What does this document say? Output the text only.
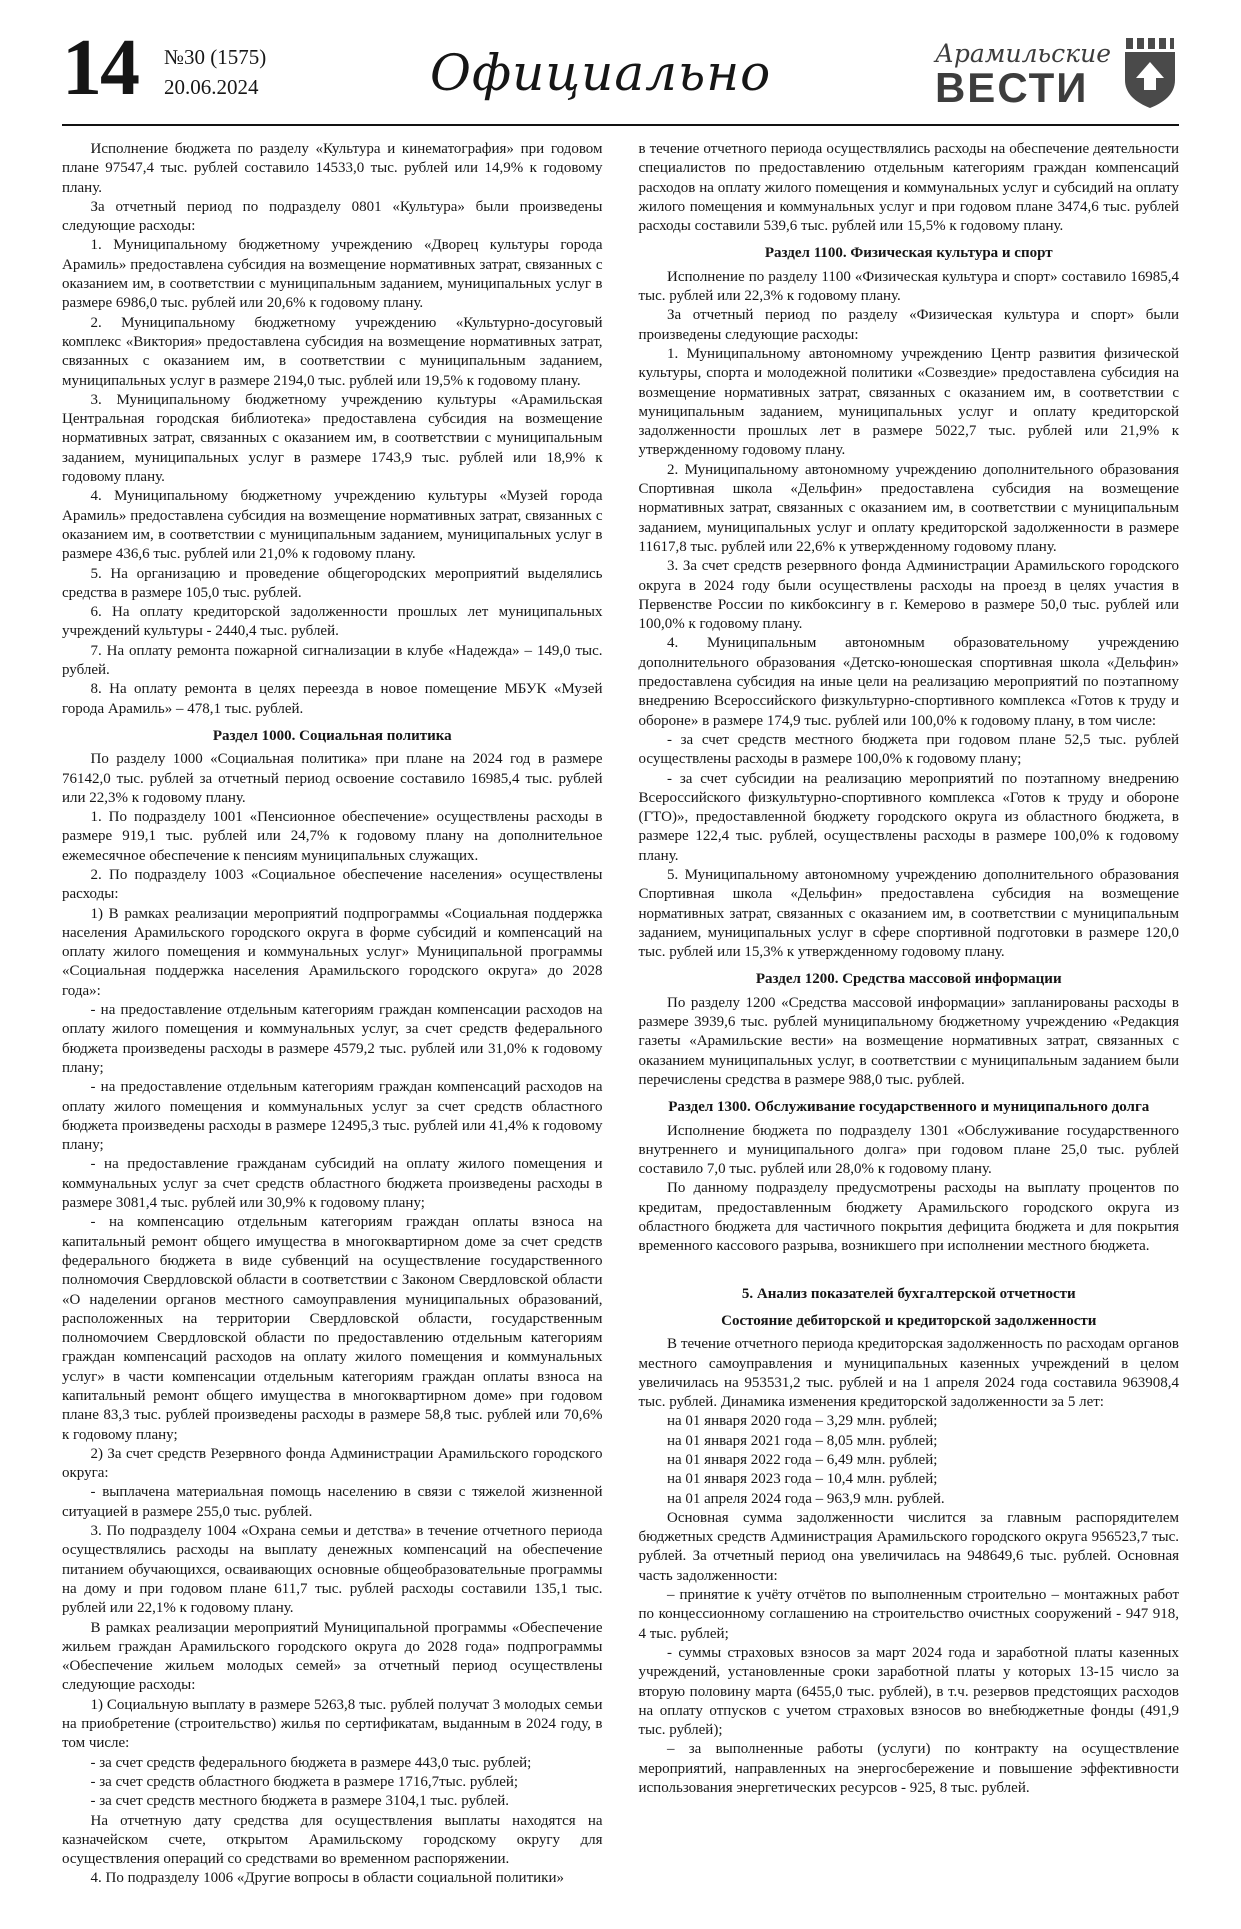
14 №30 (1575)
20.06.2024	Официально	Арамильские
ВЕСТИ

Исполнение бюджета по разделу «Культура и кинематография» при годовом плане 97547,4 тыс. рублей составило 14533,0 тыс. рублей или 14,9% к годовому плану.

За отчетный период по подразделу 0801 «Культура» были произведены следующие расходы:

1. Муниципальному бюджетному учреждению «Дворец культуры города Арамиль» предоставлена субсидия на возмещение нормативных затрат, связанных с оказанием им, в соответствии с муниципальным заданием, муниципальных услуг в размере 6986,0 тыс. рублей или 20,6% к годовому плану.

2. Муниципальному бюджетному учреждению «Культурно-досуговый комплекс «Виктория» предоставлена субсидия на возмещение нормативных затрат, связанных с оказанием им, в соответствии с муниципальным заданием, муниципальных услуг в размере 2194,0 тыс. рублей или 19,5% к годовому плану.

3. Муниципальному бюджетному учреждению культуры «Арамильская Центральная городская библиотека» предоставлена субсидия на возмещение нормативных затрат, связанных с оказанием им, в соответствии с муниципальным заданием, муниципальных услуг в размере 1743,9 тыс. рублей или 18,9% к годовому плану.

4. Муниципальному бюджетному учреждению культуры «Музей города Арамиль» предоставлена субсидия на возмещение нормативных затрат, связанных с оказанием им, в соответствии с муниципальным заданием, муниципальных услуг в размере 436,6 тыс. рублей или 21,0% к годовому плану.

5. На организацию и проведение общегородских мероприятий выделялись средства в размере 105,0 тыс. рублей.

6. На оплату кредиторской задолженности прошлых лет муниципальных учреждений культуры - 2440,4 тыс. рублей.

7. На оплату ремонта пожарной сигнализации в клубе «Надежда» – 149,0 тыс. рублей.

8. На оплату ремонта в целях переезда в новое помещение МБУК «Музей города Арамиль» – 478,1 тыс. рублей.

Раздел 1000. Социальная политика

По разделу 1000 «Социальная политика» при плане на 2024 год в размере 76142,0 тыс. рублей за отчетный период освоение составило 16985,4 тыс. рублей или 22,3% к годовому плану.

1. По подразделу 1001 «Пенсионное обеспечение» осуществлены расходы в размере 919,1 тыс. рублей или 24,7% к годовому плану на дополнительное ежемесячное обеспечение к пенсиям муниципальных служащих.

2. По подразделу 1003 «Социальное обеспечение населения» осуществлены расходы:

1) В рамках реализации мероприятий подпрограммы «Социальная поддержка населения Арамильского городского округа в форме субсидий и компенсаций на оплату жилого помещения и коммунальных услуг» Муниципальной программы «Социальная поддержка населения Арамильского городского округа» до 2028 года»:

- на предоставление отдельным категориям граждан компенсации расходов на оплату жилого помещения и коммунальных услуг, за счет средств федерального бюджета произведены расходы в размере 4579,2 тыс. рублей или 31,0% к годовому плану;

- на предоставление отдельным категориям граждан компенсаций расходов на оплату жилого помещения и коммунальных услуг за счет средств областного бюджета произведены расходы в размере 12495,3 тыс. рублей или 41,4% к годовому плану;

- на предоставление гражданам субсидий на оплату жилого помещения и коммунальных услуг за счет средств областного бюджета произведены расходы в размере 3081,4 тыс. рублей или 30,9% к годовому плану;

- на компенсацию отдельным категориям граждан оплаты взноса на капитальный ремонт общего имущества в многоквартирном доме за счет средств федерального бюджета в виде субвенций на осуществление государственного полномочия Свердловской области в соответствии с Законом Свердловской области «О наделении органов местного самоуправления муниципальных образований, расположенных на территории Свердловской области, государственным полномочием Свердловской области по предоставлению отдельным категориям граждан компенсаций расходов на оплату жилого помещения и коммунальных услуг» в части компенсации отдельным категориям граждан оплаты взноса на капитальный ремонт общего имущества в многоквартирном доме» при годовом плане 83,3 тыс. рублей произведены расходы в размере 58,8 тыс. рублей или 70,6% к годовому плану;

2) За счет средств Резервного фонда Администрации Арамильского городского округа:

- выплачена материальная помощь населению в связи с тяжелой жизненной ситуацией в размере 255,0 тыс. рублей.

3. По подразделу 1004 «Охрана семьи и детства» в течение отчетного периода осуществлялись расходы на выплату денежных компенсаций на обеспечение питанием обучающихся, осваивающих основные общеобразовательные программы на дому и при годовом плане 611,7 тыс. рублей расходы составили 135,1 тыс. рублей или 22,1% к годовому плану.

В рамках реализации мероприятий Муниципальной программы «Обеспечение жильем граждан Арамильского городского округа до 2028 года» подпрограммы «Обеспечение жильем молодых семей» за отчетный период осуществлены следующие расходы:

1) Социальную выплату в размере 5263,8 тыс. рублей получат 3 молодых семьи на приобретение (строительство) жилья по сертификатам, выданным в 2024 году, в том числе:

- за счет средств федерального бюджета в размере 443,0 тыс. рублей;

- за счет средств областного бюджета в размере 1716,7тыс. рублей;

- за счет средств местного бюджета в размере 3104,1 тыс. рублей.

На отчетную дату средства для осуществления выплаты находятся на казначейском счете, открытом Арамильскому городскому округу для осуществления операций со средствами во временном распоряжении.

4. По подразделу 1006 «Другие вопросы в области социальной политики»

в течение отчетного периода осуществлялись расходы на обеспечение деятельности специалистов по предоставлению отдельным категориям граждан компенсаций расходов на оплату жилого помещения и коммунальных услуг и субсидий на оплату жилого помещения и коммунальных услуг и при годовом плане 3474,6 тыс. рублей расходы составили 539,6 тыс. рублей или 15,5% к годовому плану.

Раздел 1100. Физическая культура и спорт

Исполнение по разделу 1100 «Физическая культура и спорт» составило 16985,4 тыс. рублей или 22,3% к годовому плану.

За отчетный период по разделу «Физическая культура и спорт» были произведены следующие расходы:

1. Муниципальному автономному учреждению Центр развития физической культуры, спорта и молодежной политики «Созвездие» предоставлена субсидия на возмещение нормативных затрат, связанных с оказанием им, в соответствии с муниципальным заданием, муниципальных услуг и оплату кредиторской задолженности прошлых лет в размере 5022,7 тыс. рублей или 21,9% к утвержденному годовому плану.

2. Муниципальному автономному учреждению дополнительного образования Спортивная школа «Дельфин» предоставлена субсидия на возмещение нормативных затрат, связанных с оказанием им, в соответствии с муниципальным заданием, муниципальных услуг и оплату кредиторской задолженности в размере 11617,8 тыс. рублей или 22,6% к утвержденному годовому плану.

3. За счет средств резервного фонда Администрации Арамильского городского округа в 2024 году были осуществлены расходы на проезд в целях участия в Первенстве России по кикбоксингу в г. Кемерово в размере 50,0 тыс. рублей или 100,0% к годовому плану.

4. Муниципальным автономным образовательному учреждению дополнительного образования «Детско-юношеская спортивная школа «Дельфин» предоставлена субсидия на иные цели на реализацию мероприятий по поэтапному внедрению Всероссийского физкультурно-спортивного комплекса «Готов к труду и обороне» в размере 174,9 тыс. рублей или 100,0% к годовому плану, в том числе:

- за счет средств местного бюджета при годовом плане 52,5 тыс. рублей осуществлены расходы в размере 100,0% к годовому плану;

- за счет субсидии на реализацию мероприятий по поэтапному внедрению Всероссийского физкультурно-спортивного комплекса «Готов к труду и обороне (ГТО)», предоставленной бюджету городского округа из областного бюджета, в размере 122,4 тыс. рублей, осуществлены расходы в размере 100,0% к годовому плану.

5. Муниципальному автономному учреждению дополнительного образования Спортивная школа «Дельфин» предоставлена субсидия на возмещение нормативных затрат, связанных с оказанием им, в соответствии с муниципальным заданием, муниципальных услуг в сфере спортивной подготовки в размере 120,0 тыс. рублей или 15,3% к утвержденному годовому плану.

Раздел 1200. Средства массовой информации

По разделу 1200 «Средства массовой информации» запланированы расходы в размере 3939,6 тыс. рублей муниципальному бюджетному учреждению «Редакция газеты «Арамильские вести» на возмещение нормативных затрат, связанных с оказанием муниципальных услуг, в соответствии с муниципальным заданием были перечислены средства в размере 988,0 тыс. рублей.

Раздел 1300. Обслуживание государственного и муниципального долга

Исполнение бюджета по подразделу 1301 «Обслуживание государственного внутреннего и муниципального долга» при годовом плане 25,0 тыс. рублей составило 7,0 тыс. рублей или 28,0% к годовому плану.

По данному подразделу предусмотрены расходы на выплату процентов по кредитам, предоставленным бюджету Арамильского городского округа из областного бюджета для частичного покрытия дефицита бюджета и для покрытия временного кассового разрыва, возникшего при исполнении местного бюджета.

5. Анализ показателей бухгалтерской отчетности
Состояние дебиторской и кредиторской задолженности

В течение отчетного периода кредиторская задолженность по расходам органов местного самоуправления и муниципальных казенных учреждений в целом увеличилась на 953531,2 тыс. рублей и на 1 апреля 2024 года составила 963908,4 тыс. рублей. Динамика изменения кредиторской задолженности за 5 лет:

на 01 января 2020 года – 3,29 млн. рублей;

на 01 января 2021 года – 8,05 млн. рублей;

на 01 января 2022 года – 6,49 млн. рублей;

на 01 января 2023 года – 10,4 млн. рублей;

на 01 апреля 2024 года – 963,9 млн. рублей.

Основная сумма задолженности числится за главным распорядителем бюджетных средств Администрация Арамильского городского округа 956523,7 тыс. рублей. За отчетный период она увеличилась на 948649,6 тыс. рублей. Основная часть задолженности:

– принятие к учёту отчётов по выполненным строительно – монтажных работ по концессионному соглашению на строительство очистных сооружений - 947 918, 4 тыс. рублей;

- суммы страховых взносов за март 2024 года и заработной платы казенных учреждений, установленные сроки заработной платы у которых 13-15 число за вторую половину марта (6455,0 тыс. рублей), в т.ч. резервов предстоящих расходов на оплату отпусков с учетом страховых взносов во внебюджетные фонды (491,9 тыс. рублей);

– за выполненные работы (услуги) по контракту на осуществление мероприятий, направленных на энергосбережение и повышение эффективности использования энергетических ресурсов - 925, 8 тыс. рублей.
